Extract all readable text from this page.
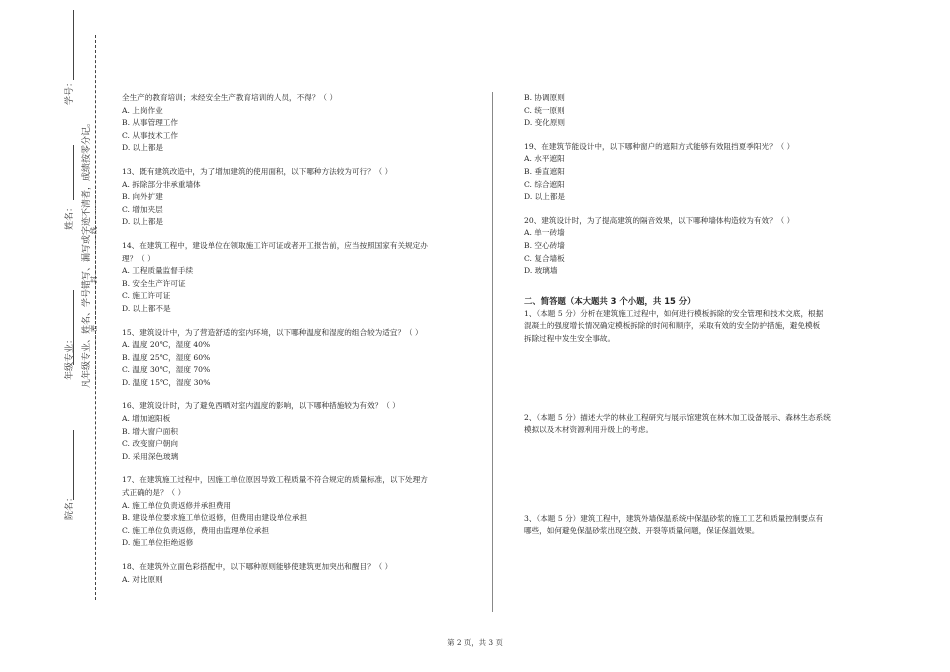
学号：
姓名：
年级专业：
院名：
凡年级专业、姓名、学号错写、漏写或字迹不清者，成绩按零分记。
……………………密………………封………………线………………
全生产的教育培训；未经安全生产教育培训的人员，不得？（ ）
A. 上岗作业
B. 从事管理工作
C. 从事技术工作
D. 以上都是
13、既有建筑改造中，为了增加建筑的使用面积，以下哪种方法较为可行？（ ）
A. 拆除部分非承重墙体
B. 向外扩建
C. 增加夹层
D. 以上都是
14、在建筑工程中，建设单位在领取施工许可证或者开工报告前，应当按照国家有关规定办
理？（ ）
A. 工程质量监督手续
B. 安全生产许可证
C. 施工许可证
D. 以上都不是
15、建筑设计中，为了营造舒适的室内环境，以下哪种温度和湿度的组合较为适宜？（ ）
A. 温度 20℃，湿度 40%
B. 温度 25℃，湿度 60%
C. 温度 30℃，湿度 70%
D. 温度 15℃，湿度 30%
16、建筑设计时，为了避免西晒对室内温度的影响，以下哪种措施较为有效？（ ）
A. 增加遮阳板
B. 增大窗户面积
C. 改变窗户朝向
D. 采用深色玻璃
17、在建筑施工过程中，因施工单位原因导致工程质量不符合规定的质量标准，以下处理方
式正确的是？（ ）
A. 施工单位负责返修并承担费用
B. 建设单位要求施工单位返修，但费用由建设单位承担
C. 施工单位负责返修，费用由监理单位承担
D. 施工单位拒绝返修
18、在建筑外立面色彩搭配中，以下哪种原则能够使建筑更加突出和醒目？（ ）
A. 对比原则
B. 协调原则
C. 统一原则
D. 变化原则
19、在建筑节能设计中，以下哪种窗户的遮阳方式能够有效阻挡夏季阳光？（ ）
A. 水平遮阳
B. 垂直遮阳
C. 综合遮阳
D. 以上都是
20、建筑设计时，为了提高建筑的隔音效果，以下哪种墙体构造较为有效？（ ）
A. 单一砖墙
B. 空心砖墙
C. 复合墙板
D. 玻璃墙
二、简答题（本大题共 3 个小题，共 15 分）
1、（本题 5 分）分析在建筑施工过程中，如何进行模板拆除的安全管理和技术交底，根据
混凝土的强度增长情况确定模板拆除的时间和顺序，采取有效的安全防护措施，避免模板
拆除过程中发生安全事故。
2、（本题 5 分）描述大学的林业工程研究与展示馆建筑在林木加工设备展示、森林生态系统
模拟以及木材资源利用升级上的考虑。
3、（本题 5 分）建筑工程中，建筑外墙保温系统中保温砂浆的施工工艺和质量控制要点有
哪些，如何避免保温砂浆出现空鼓、开裂等质量问题，保证保温效果。
第 2 页，共 3 页
